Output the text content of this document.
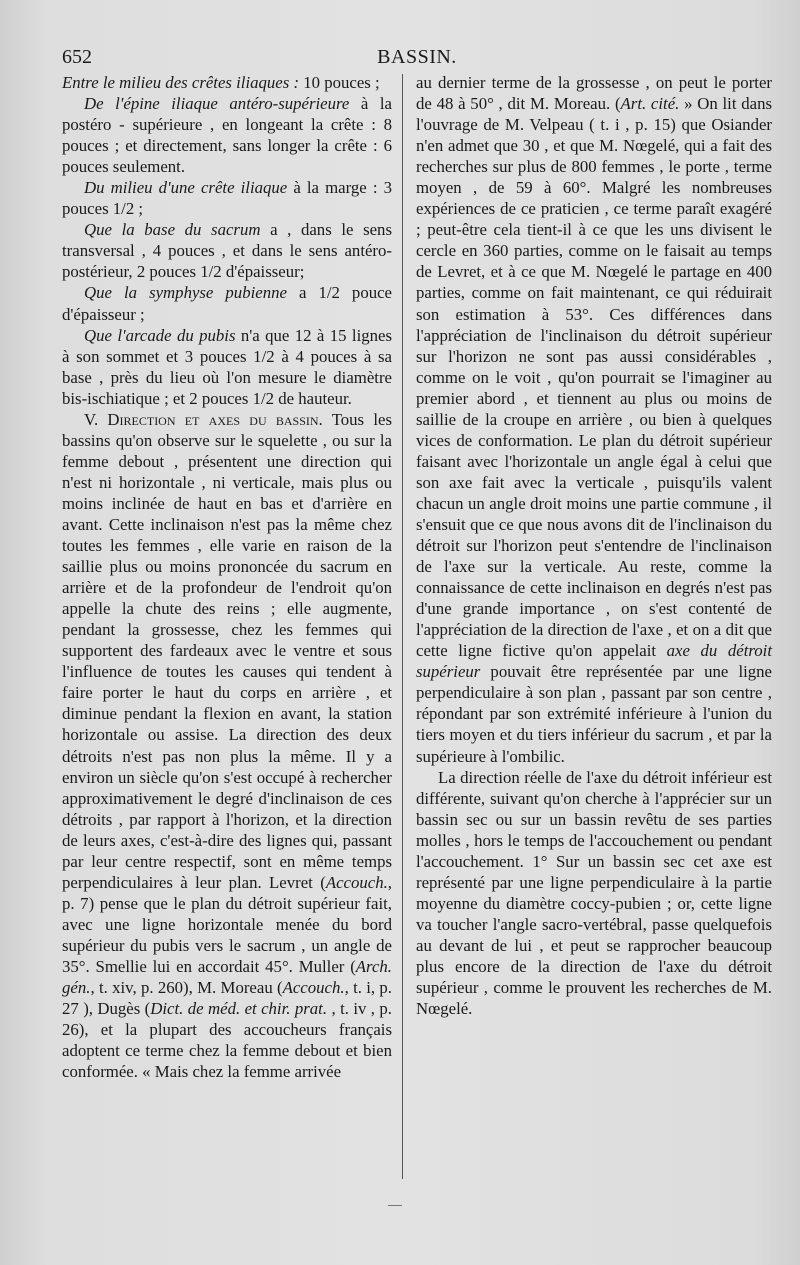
652	BASSIN.

Entre le milieu des crêtes iliaques : 10 pouces ;

De l'épine iliaque antéro-supérieure à la postéro - supérieure , en longeant la crête : 8 pouces ; et directement, sans longer la crête : 6 pouces seulement.

Du milieu d'une crête iliaque à la marge : 3 pouces 1/2 ;

Que la base du sacrum a , dans le sens transversal , 4 pouces , et dans le sens antéro-postérieur, 2 pouces 1/2 d'épaisseur;

Que la symphyse pubienne a 1/2 pouce d'épaisseur ;

Que l'arcade du pubis n'a que 12 à 15 lignes à son sommet et 3 pouces 1/2 à 4 pouces à sa base , près du lieu où l'on mesure le diamètre bis-ischiatique ; et 2 pouces 1/2 de hauteur.

V. Direction et axes du bassin. Tous les bassins qu'on observe sur le squelette , ou sur la femme debout , présentent une direction qui n'est ni horizontale , ni verticale, mais plus ou moins inclinée de haut en bas et d'arrière en avant. Cette inclinaison n'est pas la même chez toutes les femmes , elle varie en raison de la saillie plus ou moins prononcée du sacrum en arrière et de la profondeur de l'endroit qu'on appelle la chute des reins ; elle augmente, pendant la grossesse, chez les femmes qui supportent des fardeaux avec le ventre et sous l'influence de toutes les causes qui tendent à faire porter le haut du corps en arrière , et diminue pendant la flexion en avant, la station horizontale ou assise. La direction des deux détroits n'est pas non plus la même. Il y a environ un siècle qu'on s'est occupé à rechercher approximativement le degré d'inclinaison de ces détroits , par rapport à l'horizon, et la direction de leurs axes, c'est-à-dire des lignes qui, passant par leur centre respectif, sont en même temps perpendiculaires à leur plan. Levret (Accouch., p. 7) pense que le plan du détroit supérieur fait, avec une ligne horizontale menée du bord supérieur du pubis vers le sacrum , un angle de 35°. Smellie lui en accordait 45°. Muller (Arch. gén., t. xiv, p. 260), M. Moreau (Accouch., t. i, p. 27 ), Dugès (Dict. de méd. et chir. prat. , t. iv , p. 26), et la plupart des accoucheurs français adoptent ce terme chez la femme debout et bien conformée. « Mais chez la femme arrivée

au dernier terme de la grossesse , on peut le porter de 48 à 50° , dit M. Moreau. (Art. cité. » On lit dans l'ouvrage de M. Velpeau ( t. i , p. 15) que Osiander n'en admet que 30 , et que M. Nœgelé, qui a fait des recherches sur plus de 800 femmes , le porte , terme moyen , de 59 à 60°. Malgré les nombreuses expériences de ce praticien , ce terme paraît exagéré ; peut-être cela tient-il à ce que les uns divisent le cercle en 360 parties, comme on le faisait au temps de Levret, et à ce que M. Nœgelé le partage en 400 parties, comme on fait maintenant, ce qui réduirait son estimation à 53°. Ces différences dans l'appréciation de l'inclinaison du détroit supérieur sur l'horizon ne sont pas aussi considérables , comme on le voit , qu'on pourrait se l'imaginer au premier abord , et tiennent au plus ou moins de saillie de la croupe en arrière , ou bien à quelques vices de conformation. Le plan du détroit supérieur faisant avec l'horizontale un angle égal à celui que son axe fait avec la verticale , puisqu'ils valent chacun un angle droit moins une partie commune , il s'ensuit que ce que nous avons dit de l'inclinaison du détroit sur l'horizon peut s'entendre de l'inclinaison de l'axe sur la verticale. Au reste, comme la connaissance de cette inclinaison en degrés n'est pas d'une grande importance , on s'est contenté de l'appréciation de la direction de l'axe , et on a dit que cette ligne fictive qu'on appelait axe du détroit supérieur pouvait être représentée par une ligne perpendiculaire à son plan , passant par son centre , répondant par son extrémité inférieure à l'union du tiers moyen et du tiers inférieur du sacrum , et par la supérieure à l'ombilic.

La direction réelle de l'axe du détroit inférieur est différente, suivant qu'on cherche à l'apprécier sur un bassin sec ou sur un bassin revêtu de ses parties molles , hors le temps de l'accouchement ou pendant l'accouchement. 1° Sur un bassin sec cet axe est représenté par une ligne perpendiculaire à la partie moyenne du diamètre coccy-pubien ; or, cette ligne va toucher l'angle sacro-vertébral, passe quelquefois au devant de lui , et peut se rapprocher beaucoup plus encore de la direction de l'axe du détroit supérieur , comme le prouvent les recherches de M. Nœgelé.
